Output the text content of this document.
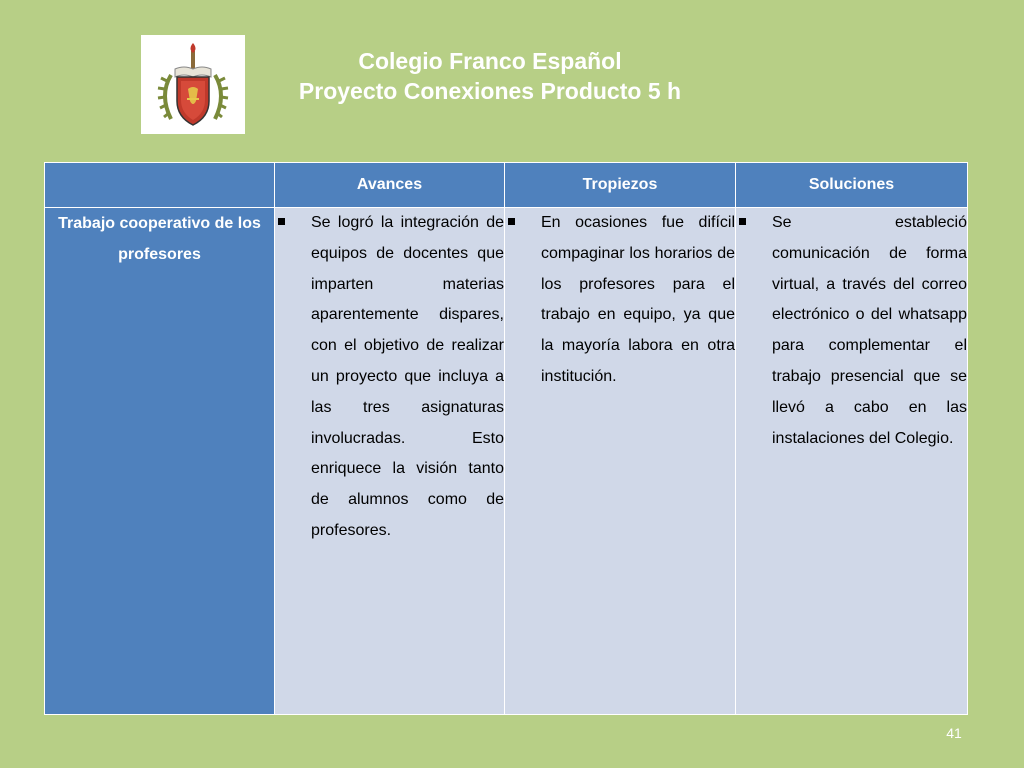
Colegio Franco Español
Proyecto Conexiones Producto 5 h
	Avances	Tropiezos	Soluciones
Trabajo cooperativo de los profesores	Se logró la integración de equipos de docentes que imparten materias aparentemente dispares, con el objetivo de realizar un proyecto que incluya a las tres asignaturas involucradas. Esto enriquece la visión tanto de alumnos como de profesores.	En ocasiones fue difícil compaginar los horarios de los profesores para el trabajo en equipo, ya que la mayoría labora en otra institución.	Se estableció comunicación de forma virtual, a través del correo electrónico o del whatsapp para complementar el trabajo presencial que se llevó a cabo en las instalaciones del Colegio.
41
